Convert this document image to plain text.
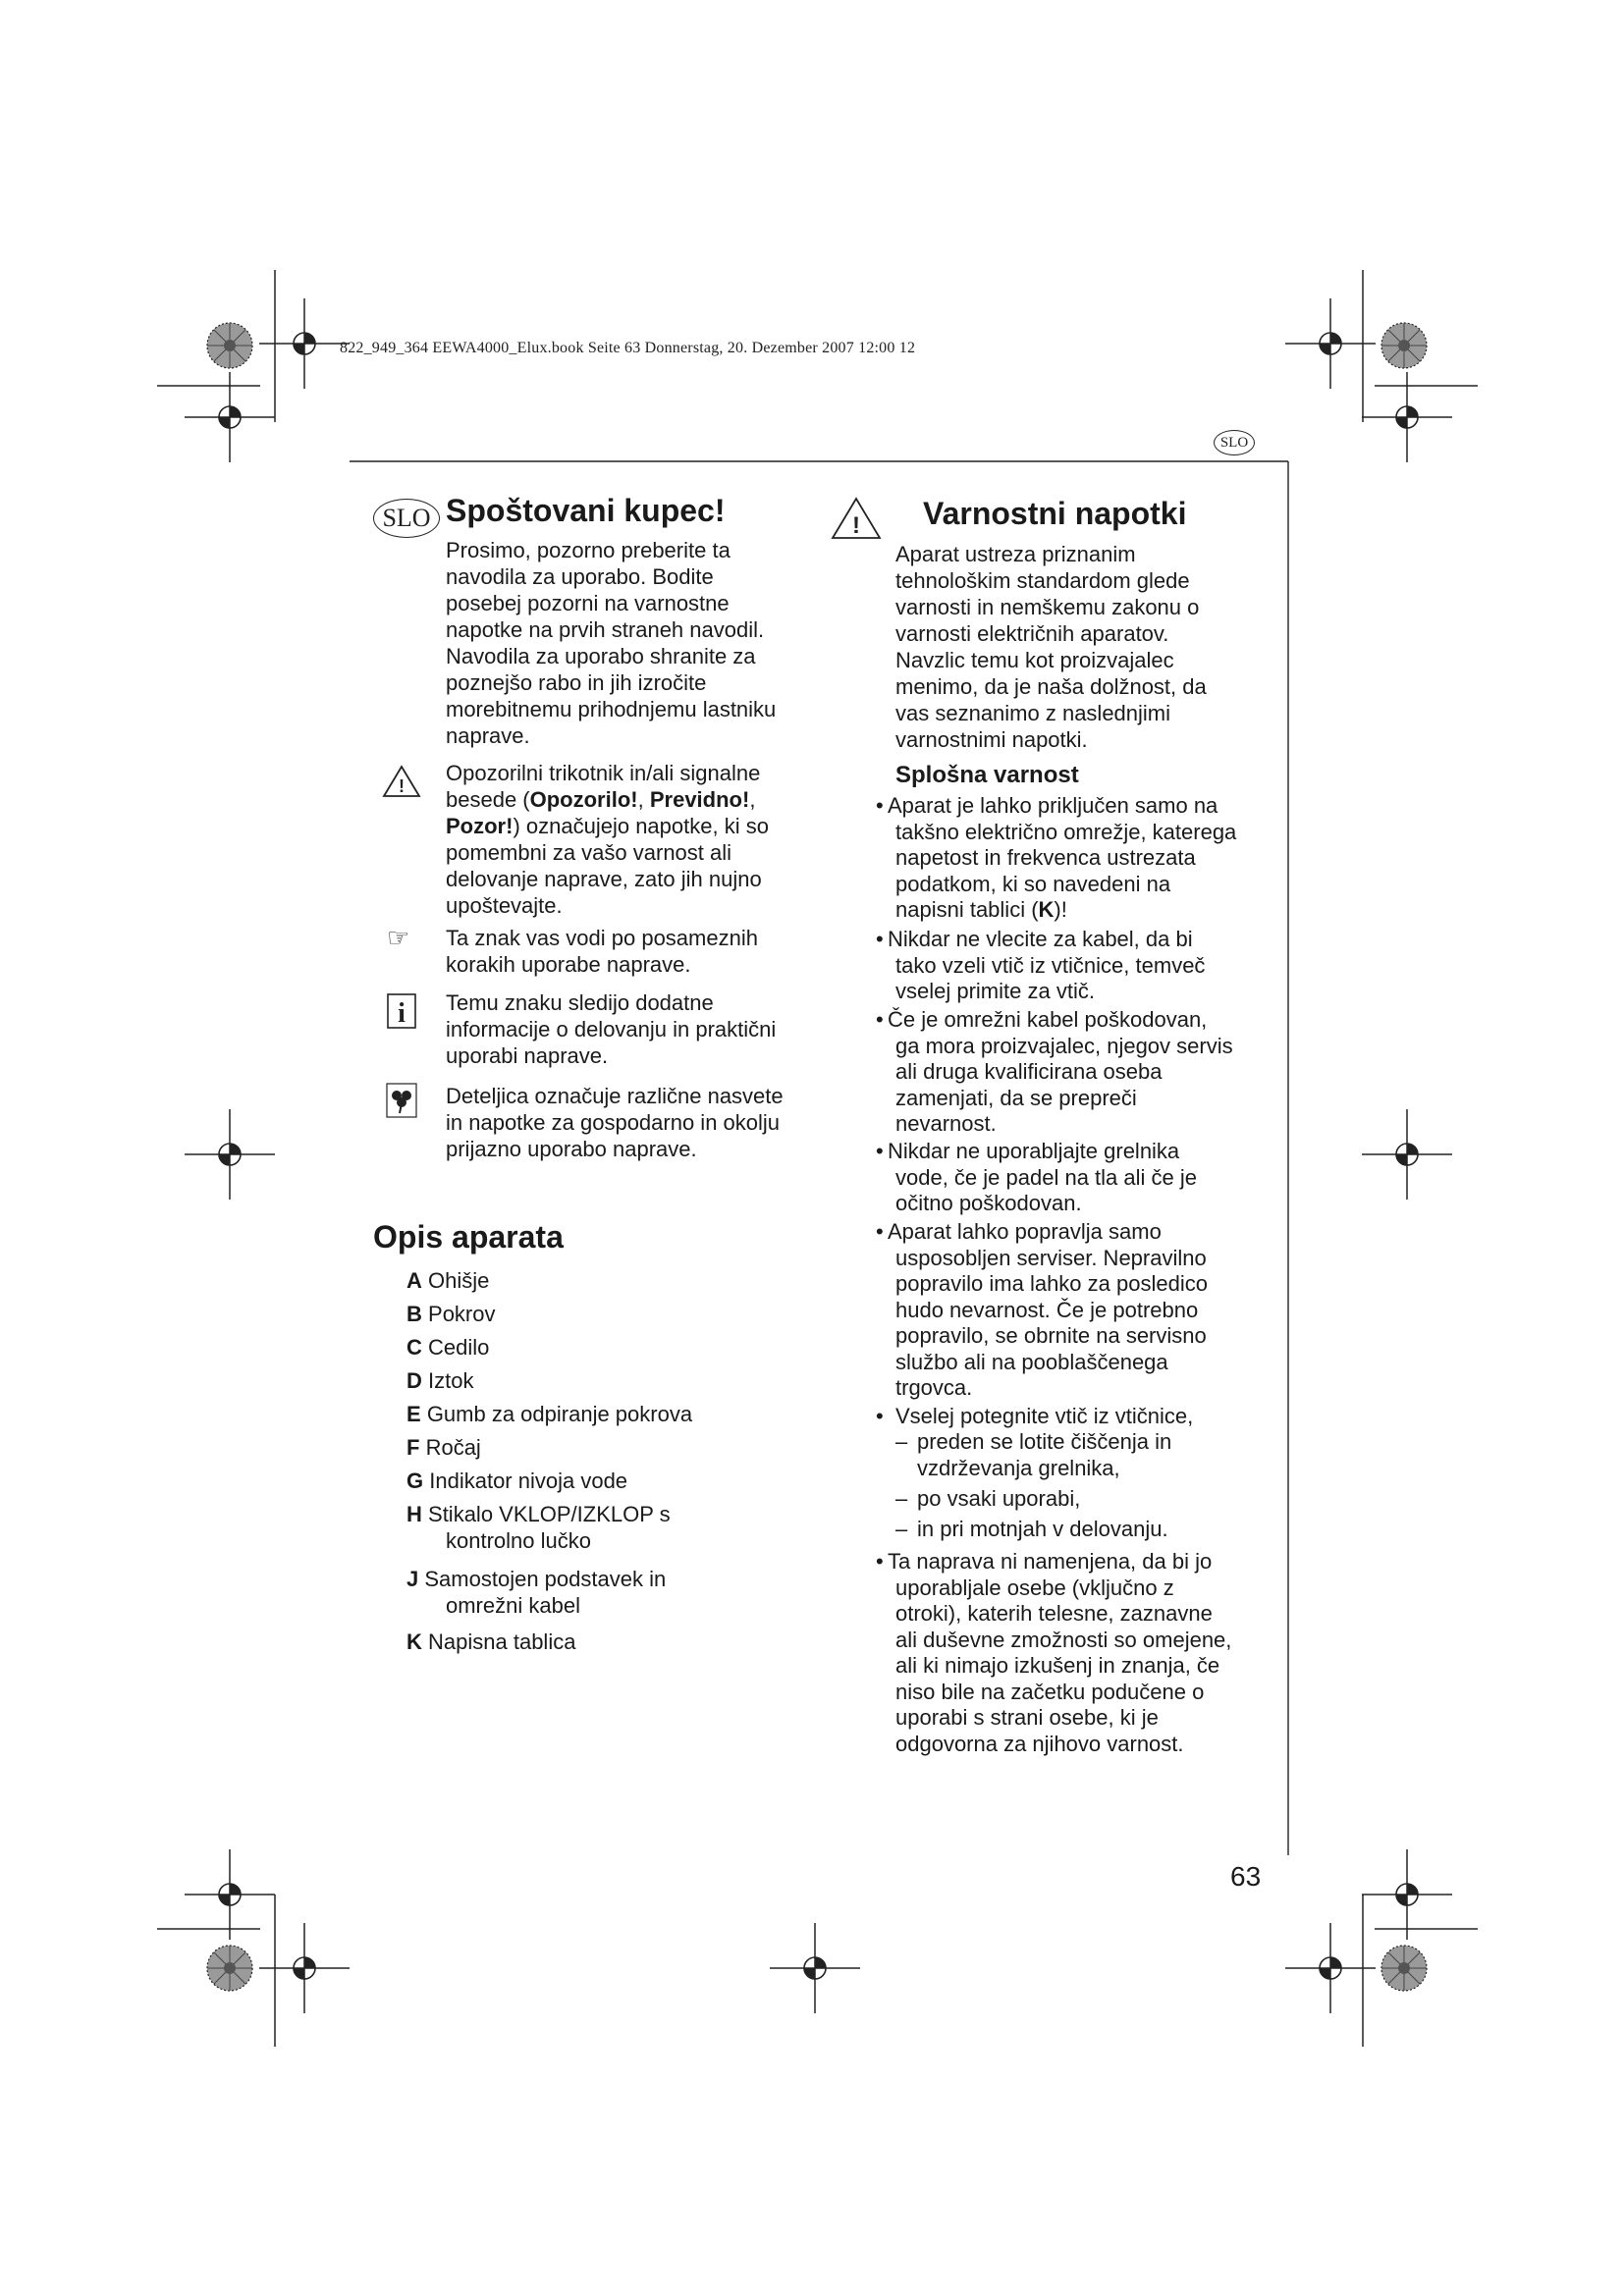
822_949_364 EEWA4000_Elux.book Seite 63 Donnerstag, 20. Dezember 2007 12:00 12
SLO
SLO Spoštovani kupec!
Prosimo, pozorno preberite ta
navodila za uporabo. Bodite
posebej pozorni na varnostne
napotke na prvih straneh navodil.
Navodila za uporabo shranite za
poznejšo rabo in jih izročite
morebitnemu prihodnjemu lastniku
naprave.
!
Opozorilni trikotnik in/ali signalne
besede (Opozorilo!, Previdno!,
Pozor!) označujejo napotke, ki so
pomembni za vašo varnost ali
delovanje naprave, zato jih nujno
upoštevajte.
☞ Ta znak vas vodi po posameznih
korakih uporabe naprave.
i Temu znaku sledijo dodatne
informacije o delovanju in praktični
uporabi naprave.
Deteljica označuje različne nasvete
in napotke za gospodarno in okolju
prijazno uporabo naprave.
Opis aparata
A Ohišje
B Pokrov
C Cedilo
D Iztok
E Gumb za odpiranje pokrova
F Ročaj
G Indikator nivoja vode
H Stikalo VKLOP/IZKLOP s
kontrolno lučko
J Samostojen podstavek in
omrežni kabel
K Napisna tablica
! Varnostni napotki
Aparat ustreza priznanim
tehnološkim standardom glede
varnosti in nemškemu zakonu o
varnosti električnih aparatov.
Navzlic temu kot proizvajalec
menimo, da je naša dolžnost, da
vas seznanimo z naslednjimi
varnostnimi napotki.
Splošna varnost
• Aparat je lahko priključen samo na
takšno električno omrežje, katerega
napetost in frekvenca ustrezata
podatkom, ki so navedeni na
napisni tablici (K)!
• Nikdar ne vlecite za kabel, da bi
tako vzeli vtič iz vtičnice, temveč
vselej primite za vtič.
• Če je omrežni kabel poškodovan,
ga mora proizvajalec, njegov servis
ali druga kvalificirana oseba
zamenjati, da se prepreči
nevarnost.
• Nikdar ne uporabljajte grelnika
vode, če je padel na tla ali če je
očitno poškodovan.
• Aparat lahko popravlja samo
usposobljen serviser. Nepravilno
popravilo ima lahko za posledico
hudo nevarnost. Če je potrebno
popravilo, se obrnite na servisno
službo ali na pooblaščenega
trgovca.
• Vselej potegnite vtič iz vtičnice,
– preden se lotite čiščenja in
vzdrževanja grelnika,
– po vsaki uporabi,
– in pri motnjah v delovanju.
• Ta naprava ni namenjena, da bi jo
uporabljale osebe (vključno z
otroki), katerih telesne, zaznavne
ali duševne zmožnosti so omejene,
ali ki nimajo izkušenj in znanja, če
niso bile na začetku podučene o
uporabi s strani osebe, ki je
odgovorna za njihovo varnost.
63
